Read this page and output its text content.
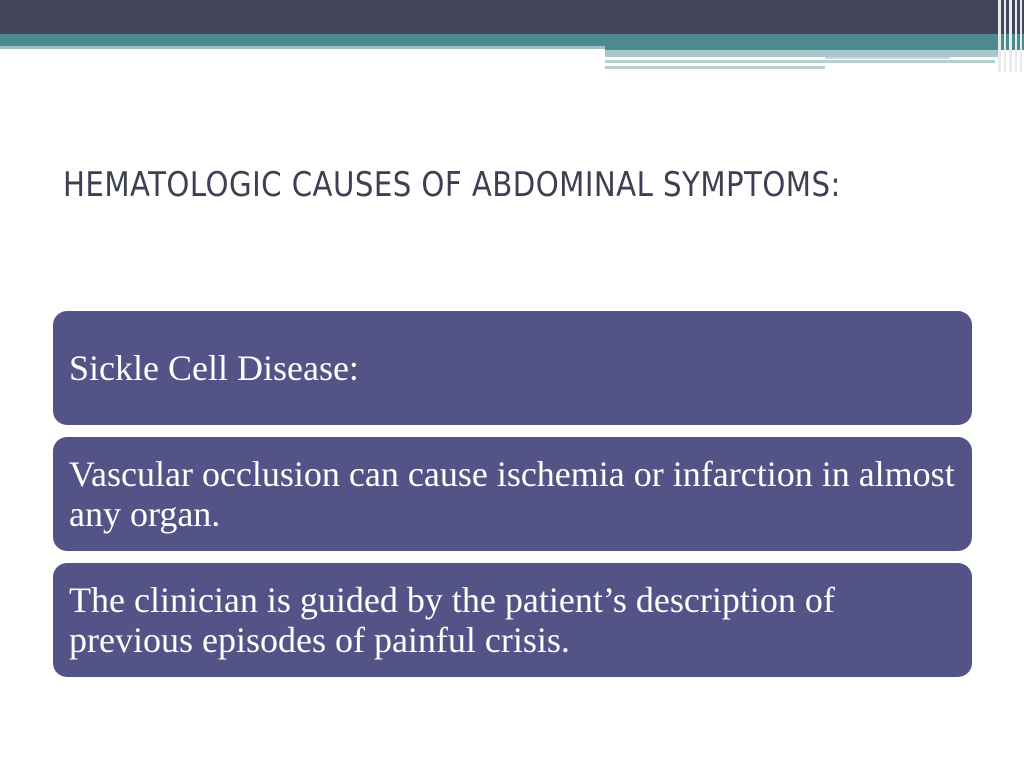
HEMATOLOGIC CAUSES OF ABDOMINAL SYMPTOMS:
Sickle Cell Disease:
Vascular occlusion can cause ischemia or infarction in almost any organ.
The clinician is guided by the patient’s description of previous episodes of painful crisis.
